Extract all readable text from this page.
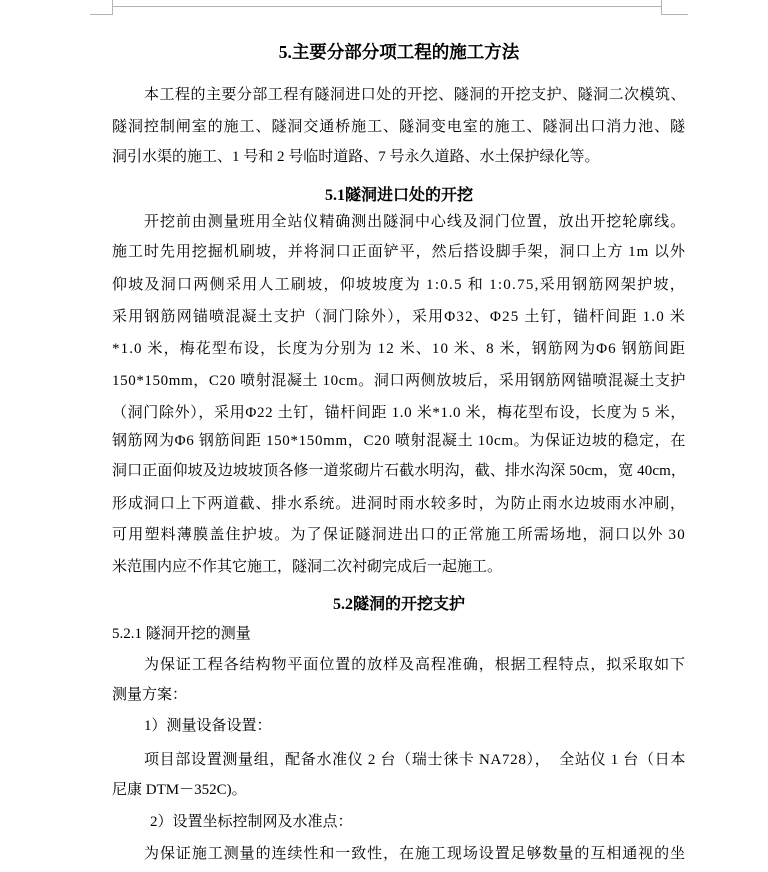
5.主要分部分项工程的施工方法
本工程的主要分部工程有隧洞进口处的开挖、隧洞的开挖支护、隧洞二次模筑、
隧洞控制闸室的施工、隧洞交通桥施工、隧洞变电室的施工、隧洞出口消力池、隧
洞引水渠的施工、1 号和 2 号临时道路、7 号永久道路、水土保护绿化等。
5.1隧洞进口处的开挖
开挖前由测量班用全站仪精确测出隧洞中心线及洞门位置，放出开挖轮廓线。
施工时先用挖掘机刷坡，并将洞口正面铲平，然后搭设脚手架，洞口上方 1m 以外
仰坡及洞口两侧采用人工刷坡，仰坡坡度为 1:0.5 和 1:0.75,采用钢筋网架护坡，
采用钢筋网锚喷混凝土支护（洞门除外），采用Φ32、Φ25 土钉，锚杆间距 1.0 米
*1.0 米，梅花型布设，长度为分别为 12 米、10 米、8 米，钢筋网为Φ6 钢筋间距
150*150mm，C20 喷射混凝土 10cm。洞口两侧放坡后，采用钢筋网锚喷混凝土支护
（洞门除外），采用Φ22 土钉，锚杆间距 1.0 米*1.0 米，梅花型布设，长度为 5 米，
钢筋网为Φ6 钢筋间距 150*150mm，C20 喷射混凝土 10cm。为保证边坡的稳定，在
洞口正面仰坡及边坡坡顶各修一道浆砌片石截水明沟，截、排水沟深 50cm，宽 40cm，
形成洞口上下两道截、排水系统。进洞时雨水较多时，为防止雨水边坡雨水冲刷，
可用塑料薄膜盖住护坡。为了保证隧洞进出口的正常施工所需场地，洞口以外 30
米范围内应不作其它施工，隧洞二次衬砌完成后一起施工。
5.2隧洞的开挖支护
5.2.1 隧洞开挖的测量
为保证工程各结构物平面位置的放样及高程准确，根据工程特点，拟采取如下
测量方案：
1）测量设备设置：
项目部设置测量组，配备水准仪 2 台（瑞士徕卡 NA728），  全站仪 1 台（日本
尼康 DTM－352C)。
2）设置坐标控制网及水准点：
为保证施工测量的连续性和一致性，在施工现场设置足够数量的互相通视的坐
